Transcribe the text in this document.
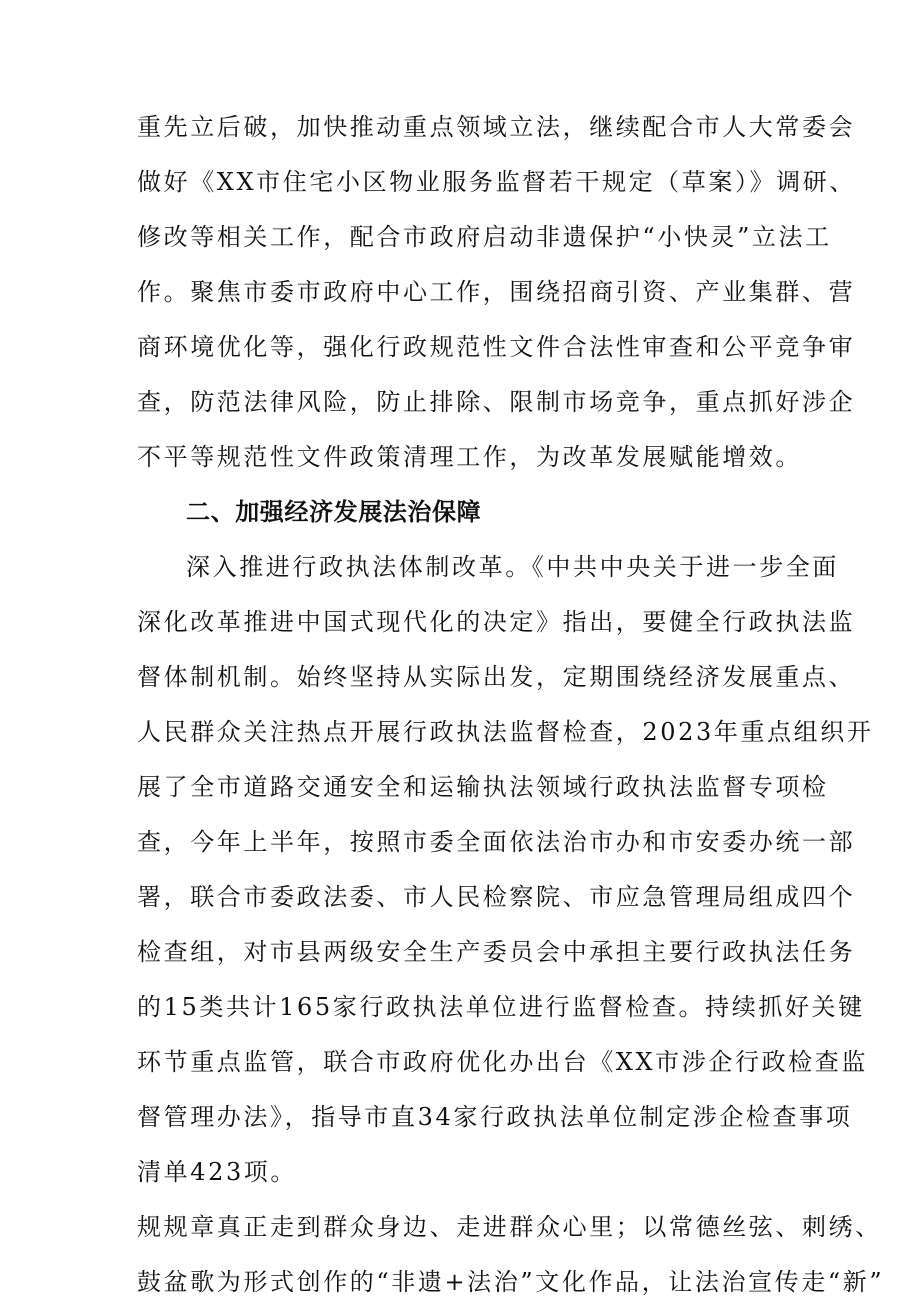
重先立后破，加快推动重点领域立法，继续配合市人大常委会
做好《XX市住宅小区物业服务监督若干规定（草案）》调研、
修改等相关工作，配合市政府启动非遗保护“小快灵”立法工
作。聚焦市委市政府中心工作，围绕招商引资、产业集群、营
商环境优化等，强化行政规范性文件合法性审查和公平竞争审
查，防范法律风险，防止排除、限制市场竞争，重点抓好涉企
不平等规范性文件政策清理工作，为改革发展赋能增效。
二、加强经济发展法治保障
深入推进行政执法体制改革。《中共中央关于进一步全面
深化改革推进中国式现代化的决定》指出，要健全行政执法监
督体制机制。始终坚持从实际出发，定期围绕经济发展重点、
人民群众关注热点开展行政执法监督检查，2023年重点组织开
展了全市道路交通安全和运输执法领域行政执法监督专项检
查，今年上半年，按照市委全面依法治市办和市安委办统一部
署，联合市委政法委、市人民检察院、市应急管理局组成四个
检查组，对市县两级安全生产委员会中承担主要行政执法任务
的15类共计165家行政执法单位进行监督检查。持续抓好关键
环节重点监管，联合市政府优化办出台《XX市涉企行政检查监
督管理办法》，指导市直34家行政执法单位制定涉企检查事项
清单423项。
规规章真正走到群众身边、走进群众心里；以常德丝弦、刺绣、
鼓盆歌为形式创作的“非遗+法治”文化作品，让法治宣传走“新”
